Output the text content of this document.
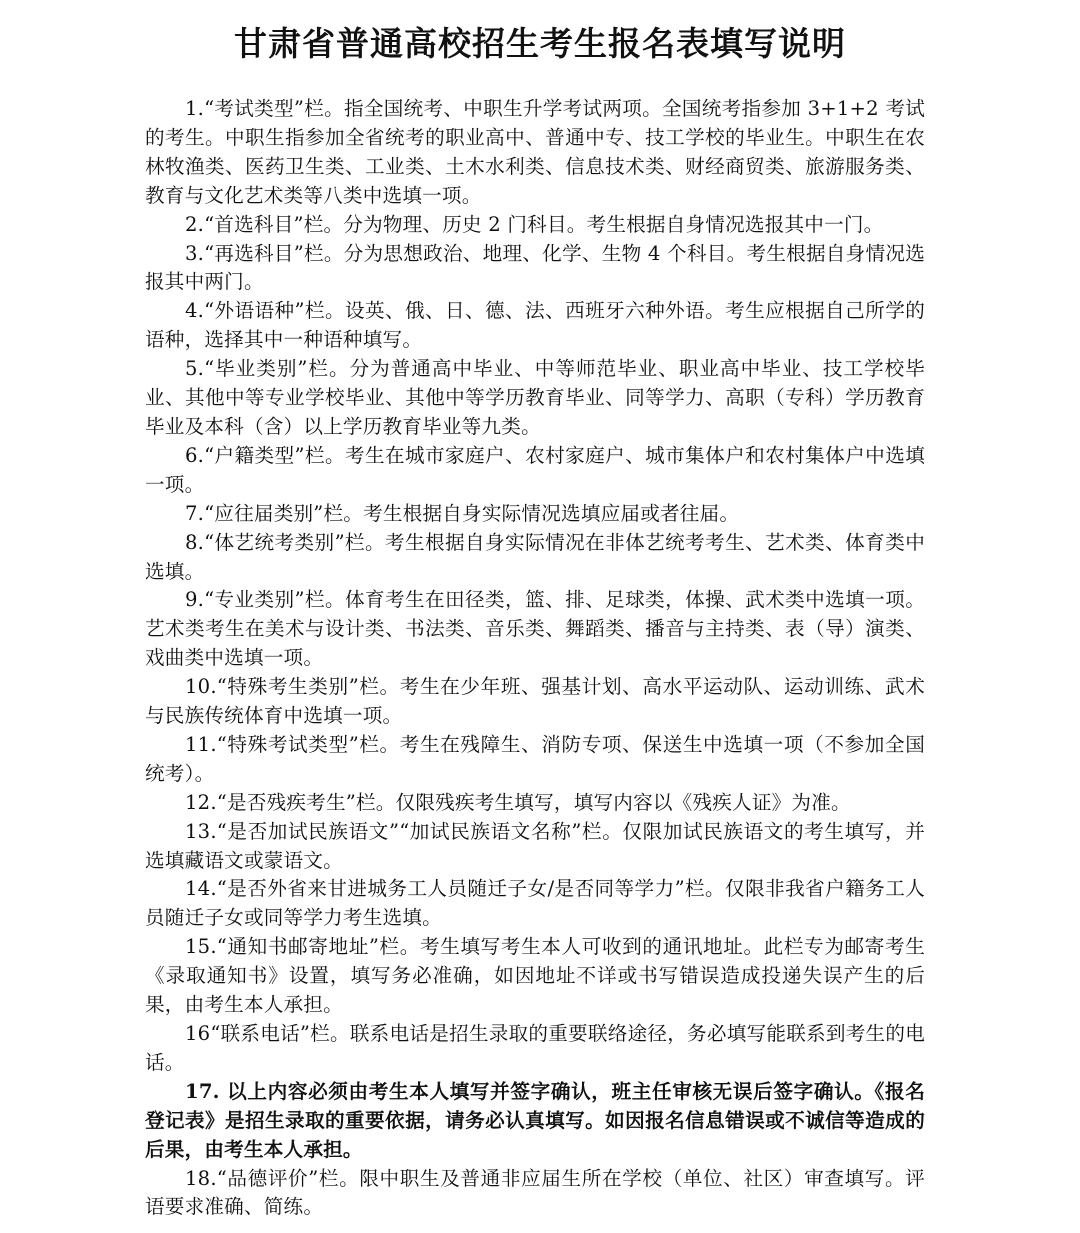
甘肃省普通高校招生考生报名表填写说明

1.“考试类型”栏。指全国统考、中职生升学考试两项。全国统考指参加 3+1+2 考试的考生。中职生指参加全省统考的职业高中、普通中专、技工学校的毕业生。中职生在农林牧渔类、医药卫生类、工业类、土木水利类、信息技术类、财经商贸类、旅游服务类、教育与文化艺术类等八类中选填一项。

2.“首选科目”栏。分为物理、历史 2 门科目。考生根据自身情况选报其中一门。

3.“再选科目”栏。分为思想政治、地理、化学、生物 4 个科目。考生根据自身情况选报其中两门。

4.“外语语种”栏。设英、俄、日、德、法、西班牙六种外语。考生应根据自己所学的语种，选择其中一种语种填写。

5.“毕业类别”栏。分为普通高中毕业、中等师范毕业、职业高中毕业、技工学校毕业、其他中等专业学校毕业、其他中等学历教育毕业、同等学力、高职（专科）学历教育毕业及本科（含）以上学历教育毕业等九类。

6.“户籍类型”栏。考生在城市家庭户、农村家庭户、城市集体户和农村集体户中选填一项。

7.“应往届类别”栏。考生根据自身实际情况选填应届或者往届。

8.“体艺统考类别”栏。考生根据自身实际情况在非体艺统考考生、艺术类、体育类中选填。

9.“专业类别”栏。体育考生在田径类，篮、排、足球类，体操、武术类中选填一项。艺术类考生在美术与设计类、书法类、音乐类、舞蹈类、播音与主持类、表（导）演类、戏曲类中选填一项。

10.“特殊考生类别”栏。考生在少年班、强基计划、高水平运动队、运动训练、武术与民族传统体育中选填一项。

11.“特殊考试类型”栏。考生在残障生、消防专项、保送生中选填一项（不参加全国统考）。

12.“是否残疾考生”栏。仅限残疾考生填写，填写内容以《残疾人证》为准。

13.“是否加试民族语文”“加试民族语文名称”栏。仅限加试民族语文的考生填写，并选填藏语文或蒙语文。

14.“是否外省来甘进城务工人员随迁子女/是否同等学力”栏。仅限非我省户籍务工人员随迁子女或同等学力考生选填。

15.“通知书邮寄地址”栏。考生填写考生本人可收到的通讯地址。此栏专为邮寄考生《录取通知书》设置，填写务必准确，如因地址不详或书写错误造成投递失误产生的后果，由考生本人承担。

16“联系电话”栏。联系电话是招生录取的重要联络途径，务必填写能联系到考生的电话。

17. 以上内容必须由考生本人填写并签字确认，班主任审核无误后签字确认。《报名登记表》是招生录取的重要依据，请务必认真填写。如因报名信息错误或不诚信等造成的后果，由考生本人承担。

18.“品德评价”栏。限中职生及普通非应届生所在学校（单位、社区）审查填写。评语要求准确、简练。
